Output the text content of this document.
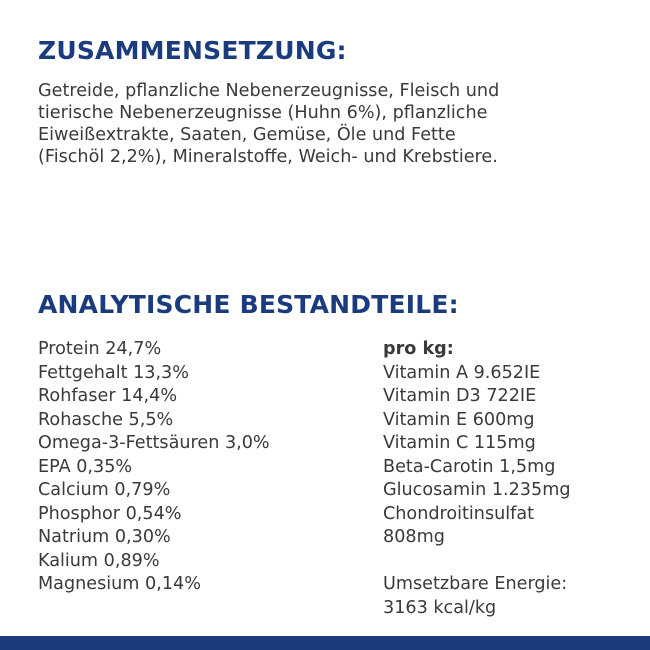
ZUSAMMENSETZUNG:

Getreide, pflanzliche Nebenerzeugnisse, Fleisch und
tierische Nebenerzeugnisse (Huhn 6%), pflanzliche
Eiweißextrakte, Saaten, Gemüse, Öle und Fette
(Fischöl 2,2%), Mineralstoffe, Weich- und Krebstiere.

ANALYTISCHE BESTANDTEILE:
Protein 24,7%
Fettgehalt 13,3%
Rohfaser 14,4%
Rohasche 5,5%
Omega-3-Fettsäuren 3,0%
EPA 0,35%
Calcium 0,79%
Phosphor 0,54%
Natrium 0,30%
Kalium 0,89%
Magnesium 0,14%
pro kg:
Vitamin A 9.652IE
Vitamin D3 722IE
Vitamin E 600mg
Vitamin C 115mg
Beta-Carotin 1,5mg
Glucosamin 1.235mg
Chondroitinsulfat
808mg
Umsetzbare Energie:
3163 kcal/kg
